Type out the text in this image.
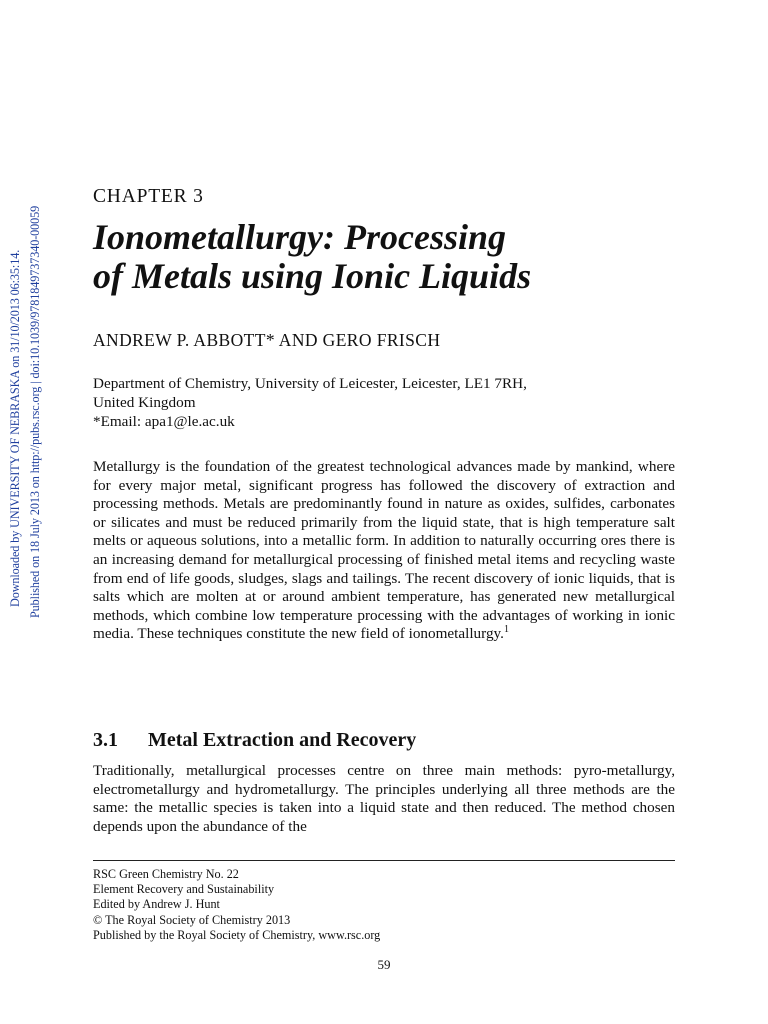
Downloaded by UNIVERSITY OF NEBRASKA on 31/10/2013 06:35:14. Published on 18 July 2013 on http://pubs.rsc.org | doi:10.1039/9781849737340-00059
CHAPTER 3
Ionometallurgy: Processing
of Metals using Ionic Liquids
ANDREW P. ABBOTT* AND GERO FRISCH
Department of Chemistry, University of Leicester, Leicester, LE1 7RH,
United Kingdom
*Email: apa1@le.ac.uk

Metallurgy is the foundation of the greatest technological advances made by mankind, where for every major metal, significant progress has followed the discovery of extraction and processing methods. Metals are predominantly found in nature as oxides, sulfides, carbonates or silicates and must be reduced primarily from the liquid state, that is high temperature salt melts or aqueous solutions, into a metallic form. In addition to naturally occurring ores there is an increasing demand for metallurgical processing of finished metal items and recycling waste from end of life goods, sludges, slags and tailings. The recent discovery of ionic liquids, that is salts which are molten at or around ambient temperature, has generated new metallurgical methods, which combine low temperature processing with the advantages of working in ionic media. These techniques constitute the new field of ionometallurgy.$^1$

3.1 Metal Extraction and Recovery

Traditionally, metallurgical processes centre on three main methods: pyro-metallurgy, electrometallurgy and hydrometallurgy. The principles underlying all three methods are the same: the metallic species is taken into a liquid state and then reduced. The method chosen depends upon the abundance of the

RSC Green Chemistry No. 22
Element Recovery and Sustainability
Edited by Andrew J. Hunt
© The Royal Society of Chemistry 2013
Published by the Royal Society of Chemistry, www.rsc.org
59
